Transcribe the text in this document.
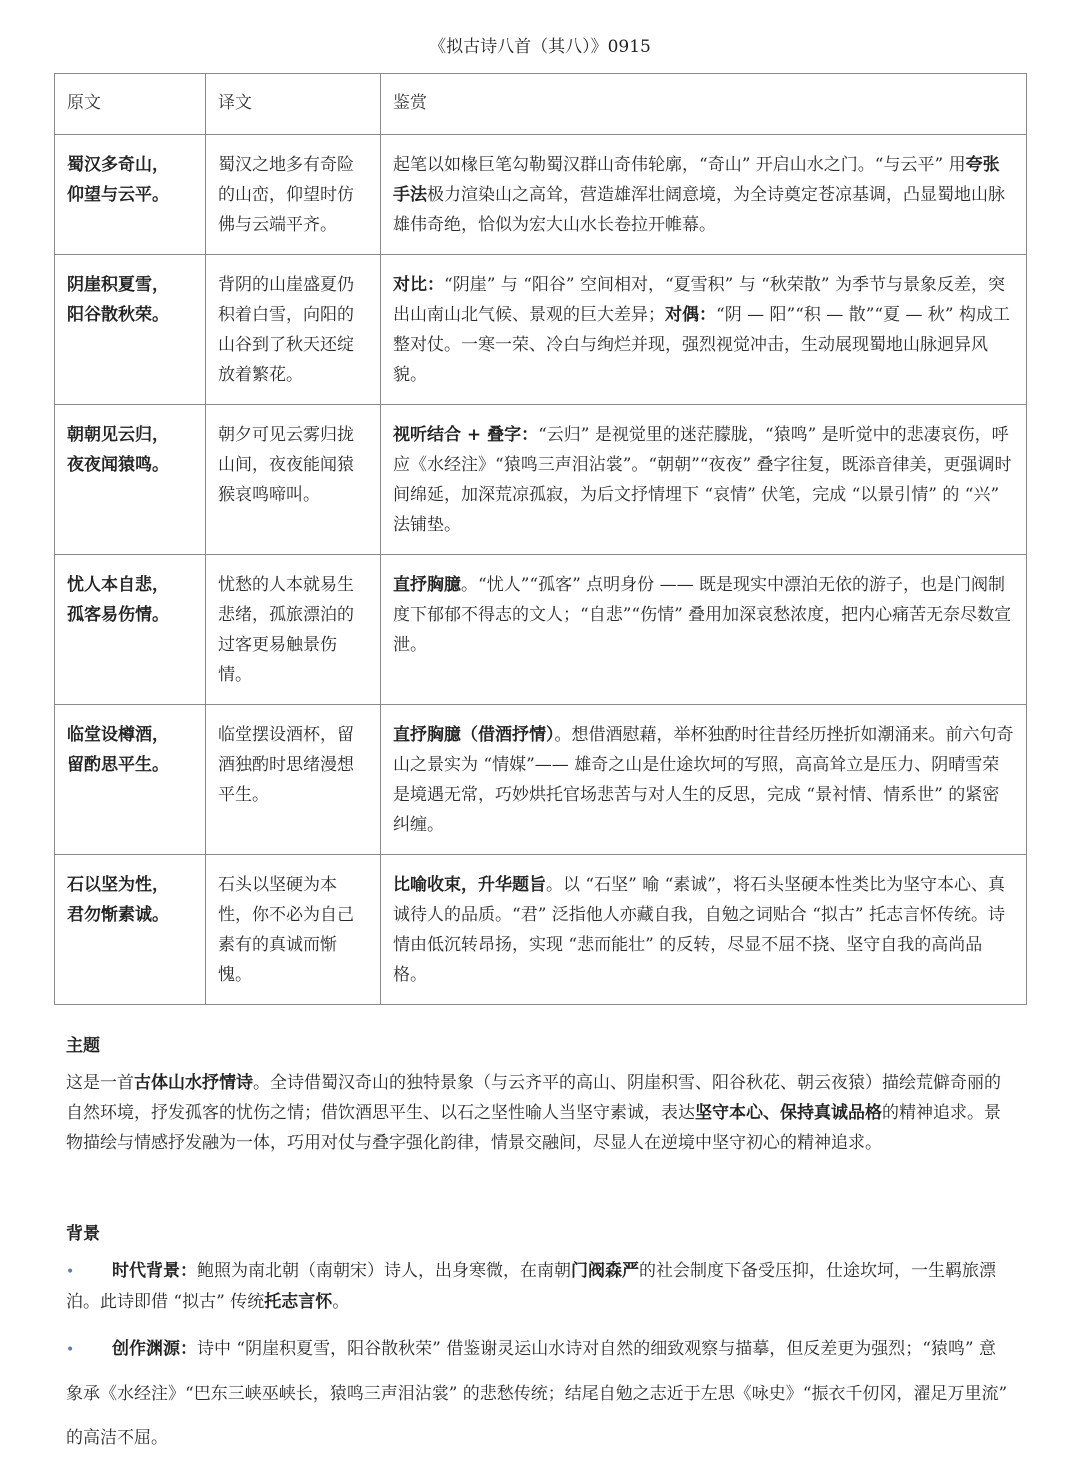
《拟古诗八首（其八）》0915
原文	译文	鉴赏

蜀汉多奇山，
仰望与云平。	蜀汉之地多有奇险的山峦，仰望时仿佛与云端平齐。	起笔以如椽巨笔勾勒蜀汉群山奇伟轮廓，“奇山” 开启山水之门。“与云平” 用夸张手法极力渲染山之高耸，营造雄浑壮阔意境，为全诗奠定苍凉基调，凸显蜀地山脉雄伟奇绝，恰似为宏大山水长卷拉开帷幕。

阴崖积夏雪，
阳谷散秋荣。	背阴的山崖盛夏仍积着白雪，向阳的山谷到了秋天还绽放着繁花。	对比：“阴崖” 与 “阳谷” 空间相对，“夏雪积” 与 “秋荣散” 为季节与景象反差，突出山南山北气候、景观的巨大差异；对偶：“阴 — 阳”“积 — 散”“夏 — 秋” 构成工整对仗。一寒一荣、冷白与绚烂并现，强烈视觉冲击，生动展现蜀地山脉迥异风貌。

朝朝见云归，
夜夜闻猿鸣。	朝夕可见云雾归拢山间，夜夜能闻猿猴哀鸣啼叫。	视听结合 + 叠字：“云归” 是视觉里的迷茫朦胧，“猿鸣” 是听觉中的悲凄哀伤，呼应《水经注》“猿鸣三声泪沾裳”。“朝朝”“夜夜” 叠字往复，既添音律美，更强调时间绵延，加深荒凉孤寂，为后文抒情埋下 “哀情” 伏笔，完成 “以景引情” 的 “兴” 法铺垫。

忧人本自悲，
孤客易伤情。	忧愁的人本就易生悲绪，孤旅漂泊的过客更易触景伤情。	直抒胸臆。“忧人”“孤客” 点明身份 —— 既是现实中漂泊无依的游子，也是门阀制度下郁郁不得志的文人；“自悲”“伤情” 叠用加深哀愁浓度，把内心痛苦无奈尽数宣泄。

临堂设樽酒，
留酌思平生。	临堂摆设酒杯，留酒独酌时思绪漫想平生。	直抒胸臆（借酒抒情）。想借酒慰藉，举杯独酌时往昔经历挫折如潮涌来。前六句奇山之景实为 “情媒”—— 雄奇之山是仕途坎坷的写照，高高耸立是压力、阴晴雪荣是境遇无常，巧妙烘托官场悲苦与对人生的反思，完成 “景衬情、情系世” 的紧密纠缠。

石以坚为性，
君勿惭素诚。	石头以坚硬为本性，你不必为自己素有的真诚而惭愧。	比喻收束，升华题旨。以 “石坚” 喻 “素诚”，将石头坚硬本性类比为坚守本心、真诚待人的品质。“君” 泛指他人亦藏自我，自勉之词贴合 “拟古” 托志言怀传统。诗情由低沉转昂扬，实现 “悲而能壮” 的反转，尽显不屈不挠、坚守自我的高尚品格。
主题
这是一首古体山水抒情诗。全诗借蜀汉奇山的独特景象（与云齐平的高山、阴崖积雪、阳谷秋花、朝云夜猿）描绘荒僻奇丽的自然环境，抒发孤客的忧伤之情；借饮酒思平生、以石之坚性喻人当坚守素诚，表达坚守本心、保持真诚品格的精神追求。景物描绘与情感抒发融为一体，巧用对仗与叠字强化韵律，情景交融间，尽显人在逆境中坚守初心的精神追求。
背景
• 时代背景：鲍照为南北朝（南朝宋）诗人，出身寒微，在南朝门阀森严的社会制度下备受压抑，仕途坎坷，一生羁旅漂泊。此诗即借 “拟古” 传统托志言怀。
• 创作渊源：诗中 “阴崖积夏雪，阳谷散秋荣” 借鉴谢灵运山水诗对自然的细致观察与描摹，但反差更为强烈；“猿鸣” 意象承《水经注》“巴东三峡巫峡长，猿鸣三声泪沾裳” 的悲愁传统；结尾自勉之志近于左思《咏史》“振衣千仞冈，濯足万里流” 的高洁不屈。
